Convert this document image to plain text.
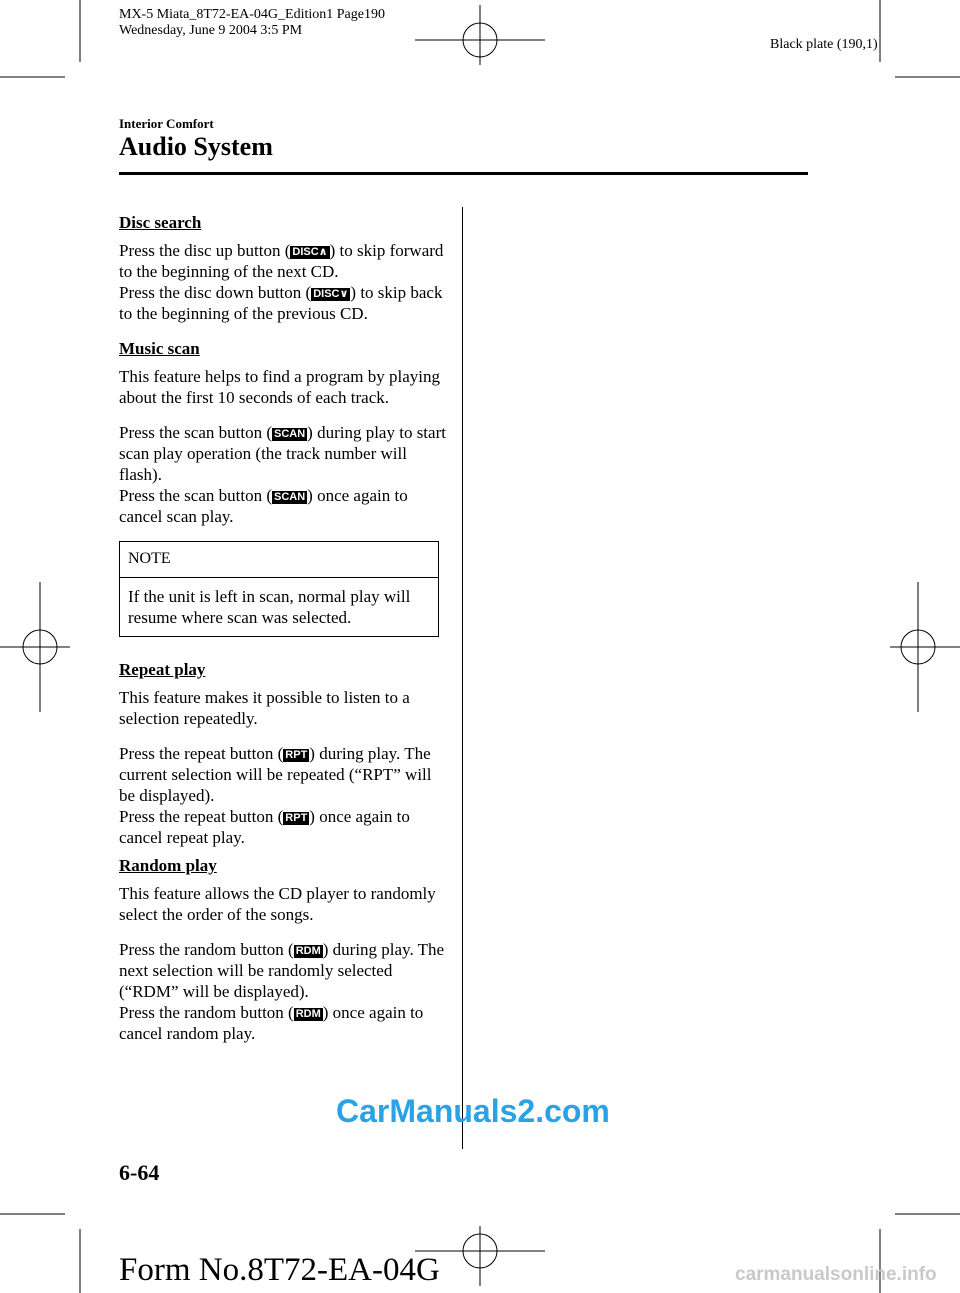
MX-5 Miata_8T72-EA-04G_Edition1 Page190
Wednesday, June 9 2004 3:5 PM
Black plate (190,1)
Interior Comfort
Audio System
Disc search

Press the disc up button ( DISC∧ ) to skip forward to the beginning of the next CD.
Press the disc down button ( DISC∨ ) to skip back to the beginning of the previous CD.

Music scan

This feature helps to find a program by playing about the first 10 seconds of each track.

Press the scan button ( SCAN ) during play to start scan play operation (the track number will flash).
Press the scan button ( SCAN ) once again to cancel scan play.

NOTE
If the unit is left in scan, normal play will resume where scan was selected.
Repeat play

This feature makes it possible to listen to a selection repeatedly.

Press the repeat button ( RPT ) during play. The current selection will be repeated (“RPT” will be displayed).
Press the repeat button ( RPT ) once again to cancel repeat play.

Random play

This feature allows the CD player to randomly select the order of the songs.

Press the random button ( RDM ) during play. The next selection will be randomly selected (“RDM” will be displayed).
Press the random button ( RDM ) once again to cancel random play.

CarManuals2.com
6-64
Form No.8T72-EA-04G	carmanualsonline.info
